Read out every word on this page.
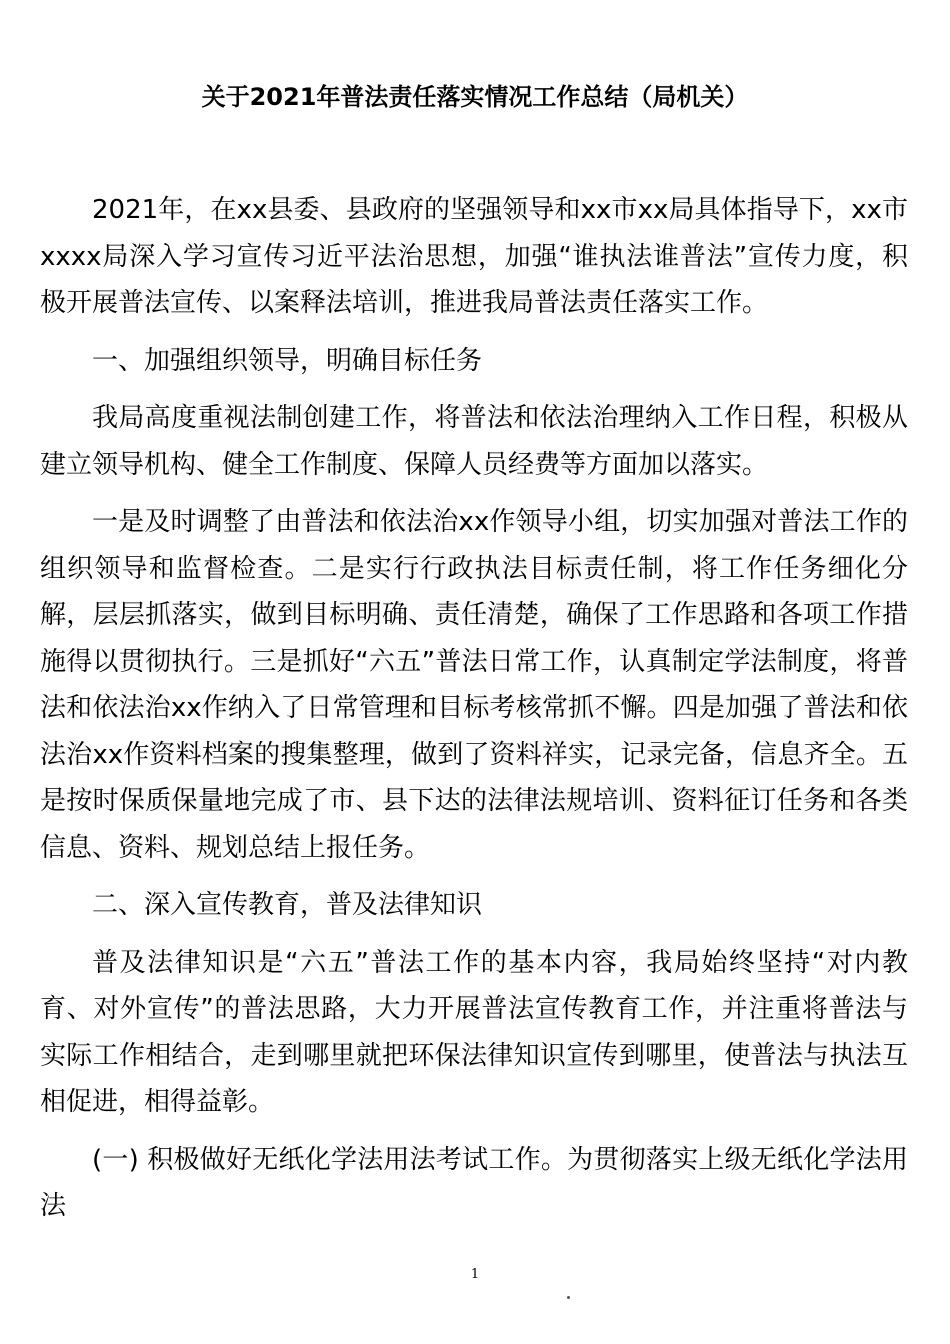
关于2021年普法责任落实情况工作总结（局机关）

2021年，在xx县委、县政府的坚强领导和xx市xx局具体指导下，xx市xxxx局深入学习宣传习近平法治思想，加强“谁执法谁普法”宣传力度，积极开展普法宣传、以案释法培训，推进我局普法责任落实工作。

一、加强组织领导，明确目标任务

我局高度重视法制创建工作，将普法和依法治理纳入工作日程，积极从建立领导机构、健全工作制度、保障人员经费等方面加以落实。

一是及时调整了由普法和依法治xx作领导小组，切实加强对普法工作的组织领导和监督检查。二是实行行政执法目标责任制，将工作任务细化分解，层层抓落实，做到目标明确、责任清楚，确保了工作思路和各项工作措施得以贯彻执行。三是抓好“六五”普法日常工作，认真制定学法制度，将普法和依法治xx作纳入了日常管理和目标考核常抓不懈。四是加强了普法和依法治xx作资料档案的搜集整理，做到了资料祥实，记录完备，信息齐全。五是按时保质保量地完成了市、县下达的法律法规培训、资料征订任务和各类信息、资料、规划总结上报任务。

二、深入宣传教育，普及法律知识

普及法律知识是“六五”普法工作的基本内容，我局始终坚持“对内教育、对外宣传”的普法思路，大力开展普法宣传教育工作，并注重将普法与实际工作相结合，走到哪里就把环保法律知识宣传到哪里，使普法与执法互相促进，相得益彰。

(一) 积极做好无纸化学法用法考试工作。为贯彻落实上级无纸化学法用法

1
